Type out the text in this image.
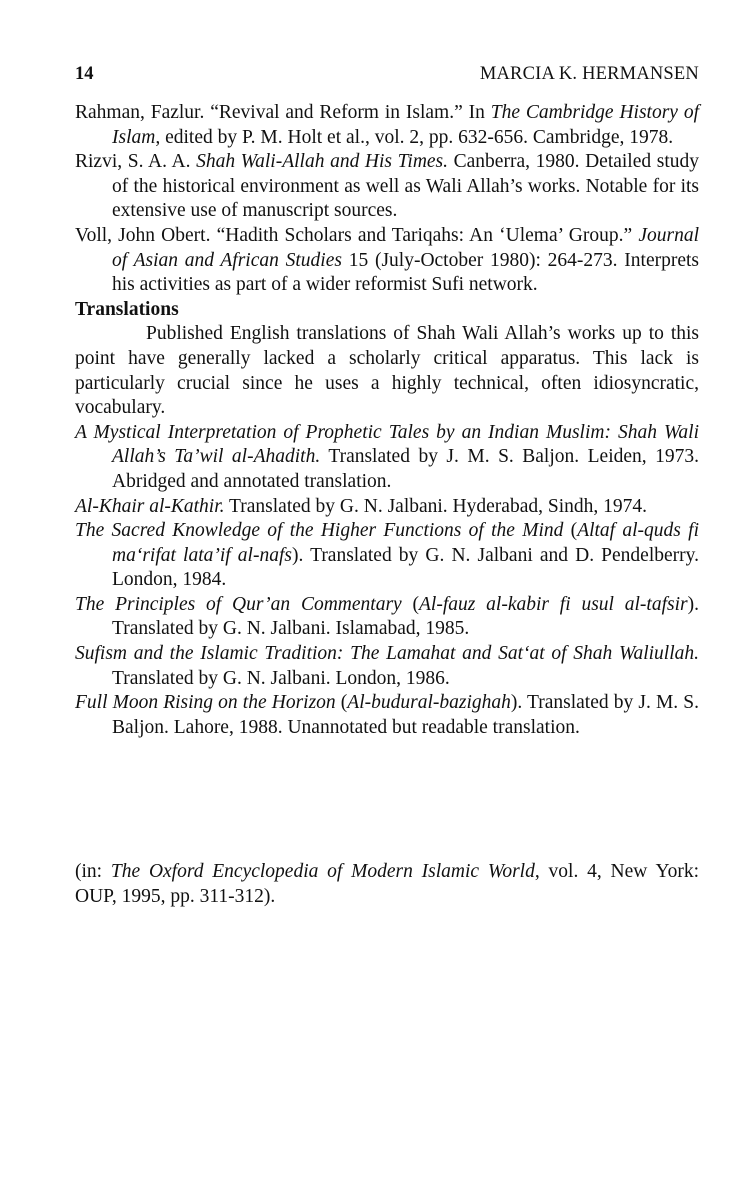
14	MARCIA K. HERMANSEN

Rahman, Fazlur. “Revival and Reform in Islam.” In The Cambridge History of Islam, edited by P. M. Holt et al., vol. 2, pp. 632-656. Cambridge, 1978.

Rizvi, S. A. A. Shah Wali-Allah and His Times. Canberra, 1980. Detailed study of the historical environment as well as Wali Allah’s works. Notable for its extensive use of manuscript sources.

Voll, John Obert. “Hadith Scholars and Tariqahs: An ‘Ulema’ Group.” Journal of Asian and African Studies 15 (July-October 1980): 264-273. Interprets his activities as part of a wider reformist Sufi network.

Translations

Published English translations of Shah Wali Allah’s works up to this point have generally lacked a scholarly critical apparatus. This lack is particularly crucial since he uses a highly technical, often idiosyncratic, vocabulary.

A Mystical Interpretation of Prophetic Tales by an Indian Muslim: Shah Wali Allah’s Ta’wil al-Ahadith. Translated by J. M. S. Baljon. Leiden, 1973. Abridged and annotated translation.

Al-Khair al-Kathir. Translated by G. N. Jalbani. Hyderabad, Sindh, 1974.

The Sacred Knowledge of the Higher Functions of the Mind (Altaf al-quds fi ma‘rifat lata’if al-nafs). Translated by G. N. Jalbani and D. Pendelberry. London, 1984.

The Principles of Qur’an Commentary (Al-fauz al-kabir fi usul al-tafsir). Translated by G. N. Jalbani. Islamabad, 1985.

Sufism and the Islamic Tradition: The Lamahat and Sat‘at of Shah Waliullah. Translated by G. N. Jalbani. London, 1986.

Full Moon Rising on the Horizon (Al-budural-bazighah). Translated by J. M. S. Baljon. Lahore, 1988. Unannotated but readable translation.

(in: The Oxford Encyclopedia of Modern Islamic World, vol. 4, New York: OUP, 1995, pp. 311-312).
